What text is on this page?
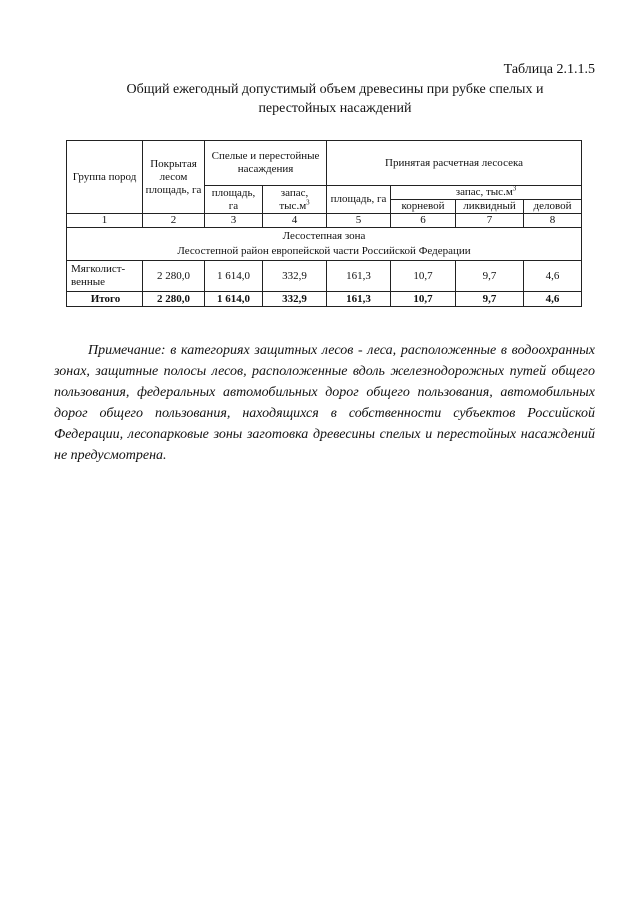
Таблица 2.1.1.5
Общий ежегодный допустимый объем древесины при рубке спелых и
перестойных насаждений
Группа пород	Покрытая лесом площадь, га	Спелые и перестойные насаждения		Принятая расчетная лесосека			
		площадь, га	запас, $тыс.м^3$	площадь, га	запас, $тыс.м^3$
					корневой	ликвидный	деловой
1	2	3	4	5	6	7	8

Лесостепная зона
Лесостепной район европейской части Российской Федерации							

Мягколист-
венные	2 280,0	1 614,0	332,9	161,3	10,7	9,7	4,6
Итого	2 280,0	1 614,0	332,9	161,3	10,7	9,7	4,6
Примечание: в категориях защитных лесов - леса, расположенные в водоохранных зонах, защитные полосы лесов, расположенные вдоль железнодорожных путей общего пользования, федеральных автомобильных дорог общего пользования, автомобильных дорог общего пользования, находящихся в собственности субъектов Российской Федерации, лесопарковые зоны заготовка древесины спелых и перестойных насаждений не предусмотрена.
